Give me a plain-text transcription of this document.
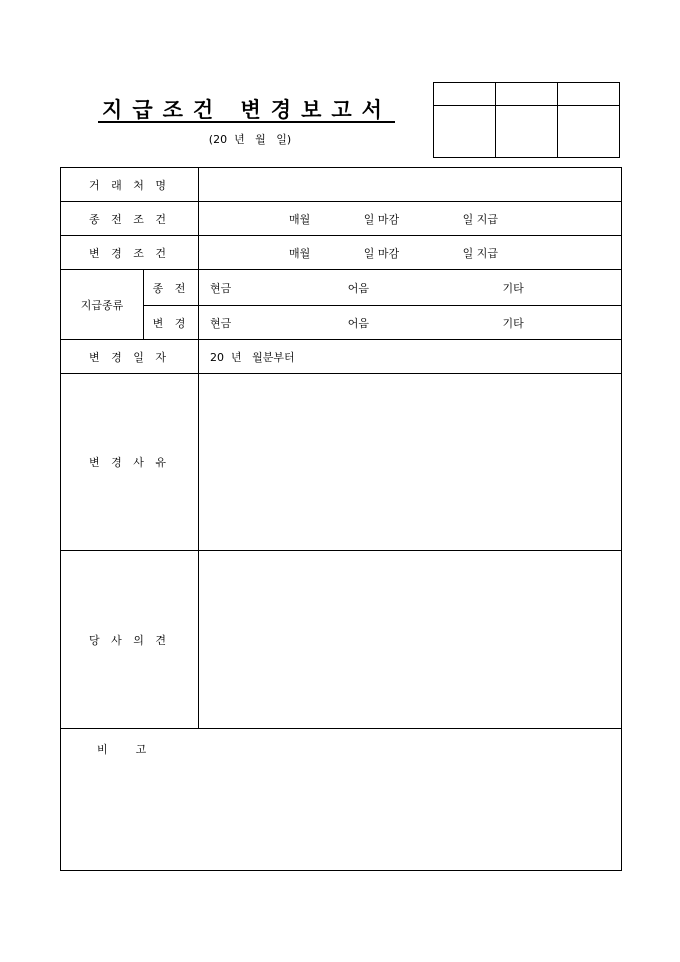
지급조건 변경보고서
(20  년   월   일)

거 래 처 명		
종 전 조 건		매월 일 마감 일 지급
변 경 조 건		매월 일 마감 일 지급
지급종류	종 전	현금 어음 기타
	변 경	현금 어음 기타
변 경 일 자		20  년   월분부터
변 경 사 유		
당 사 의 견		

비        고		
